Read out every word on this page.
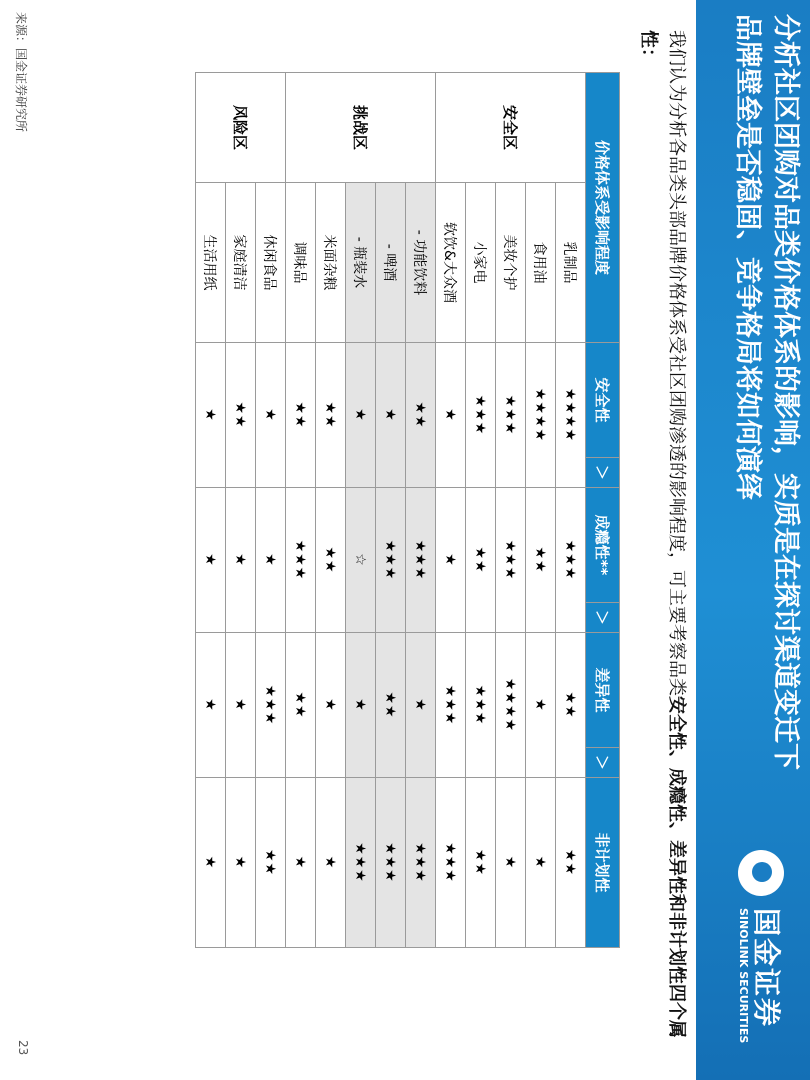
分析社区团购对品类价格体系的影响，实质是在探讨渠道变迁下品牌壁垒是否稳固、竞争格局将如何演绎
国金证券
SINOLINK SECURITIES
我们认为分析各品类头部品牌价格体系受社区团购渗透的影响程度，可主要考察品类安全性、成瘾性、差异性和非计划性四个属性：
价格体系受影响程度		安全性	＞	成瘾性**	＞	差异性	＞	非计划性
安全区	乳制品	★★★★		★★★		★★		★★
	食用油	★★★★		★★		★		★
	美妆个护	★★★		★★★		★★★★		★
	小家电	★★★		★★		★★★		★★
	软饮&大众酒	★		★		★★★		★★★
挑战区	- 功能饮料	★★		★★★		★		★★★
	- 啤酒	★		★★★		★★		★★★
	- 瓶装水	★		☆		★		★★★
	米面杂粮	★★		★★		★		★
	调味品	★★		★★★		★★		★
风险区	休闲食品	★		★		★★★		★★
	家庭清洁	★★		★		★		★
	生活用纸	★		★		★		★
来源：国金证券研究所
23
